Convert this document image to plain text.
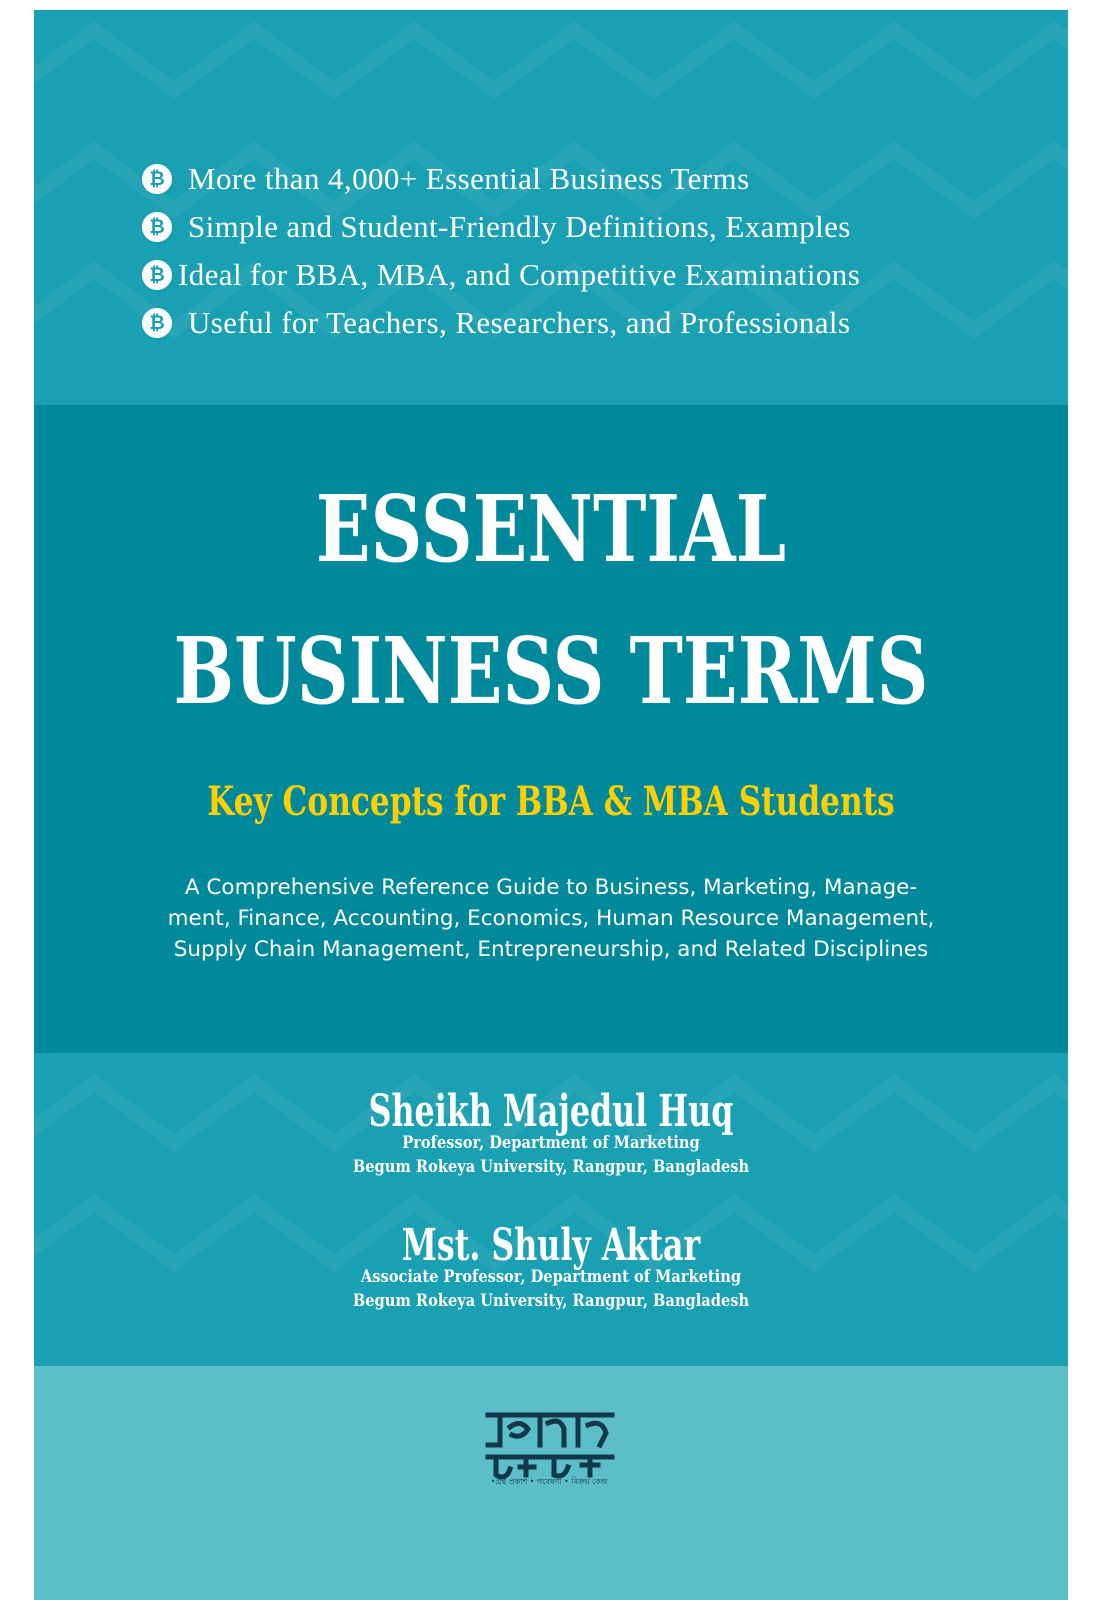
₿ More than 4,000+ Essential Business Terms
₿ Simple and Student-Friendly Definitions, Examples
₿ Ideal for BBA, MBA, and Competitive Examinations
₿ Useful for Teachers, Researchers, and Professionals
ESSENTIAL
BUSINESS TERMS
Key Concepts for BBA & MBA Students
A Comprehensive Reference Guide to Business, Marketing, Manage-
ment, Finance, Accounting, Economics, Human Resource Management,
Supply Chain Management, Entrepreneurship, and Related Disciplines
Sheikh Majedul Huq
Professor, Department of Marketing
Begum Rokeya University, Rangpur, Bangladesh
Mst. Shuly Aktar
Associate Professor, Department of Marketing
Begum Rokeya University, Rangpur, Bangladesh
•গ্রন্থ প্রকাশ • গবেষণা • বিক্রয় কেন্দ্র
